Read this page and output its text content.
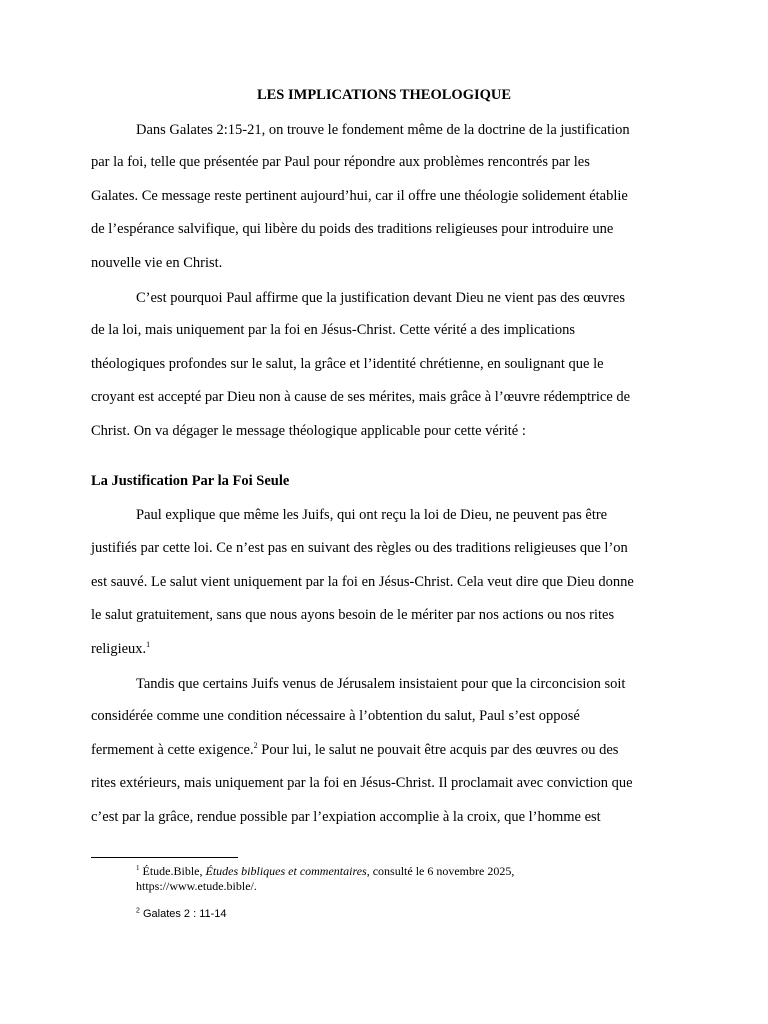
LES IMPLICATIONS THEOLOGIQUE

Dans Galates 2:15-21, on trouve le fondement même de la doctrine de la justification

par la foi, telle que présentée par Paul pour répondre aux problèmes rencontrés par les

Galates. Ce message reste pertinent aujourd’hui, car il offre une théologie solidement établie

de l’espérance salvifique, qui libère du poids des traditions religieuses pour introduire une

nouvelle vie en Christ.

C’est pourquoi Paul affirme que la justification devant Dieu ne vient pas des œuvres

de la loi, mais uniquement par la foi en Jésus-Christ. Cette vérité a des implications

théologiques profondes sur le salut, la grâce et l’identité chrétienne, en soulignant que le

croyant est accepté par Dieu non à cause de ses mérites, mais grâce à l’œuvre rédemptrice de

Christ. On va dégager le message théologique applicable pour cette vérité :

La Justification Par la Foi Seule

Paul explique que même les Juifs, qui ont reçu la loi de Dieu, ne peuvent pas être

justifiés par cette loi. Ce n’est pas en suivant des règles ou des traditions religieuses que l’on

est sauvé. Le salut vient uniquement par la foi en Jésus-Christ. Cela veut dire que Dieu donne

le salut gratuitement, sans que nous ayons besoin de le mériter par nos actions ou nos rites

religieux.$^1$

Tandis que certains Juifs venus de Jérusalem insistaient pour que la circoncision soit

considérée comme une condition nécessaire à l’obtention du salut, Paul s’est opposé

fermement à cette exigence.$^2$ Pour lui, le salut ne pouvait être acquis par des œuvres ou des

rites extérieurs, mais uniquement par la foi en Jésus-Christ. Il proclamait avec conviction que

c’est par la grâce, rendue possible par l’expiation accomplie à la croix, que l’homme est

$^1$ Étude.Bible, Études bibliques et commentaires, consulté le 6 novembre 2025,
https://www.etude.bible/.
$^2$ Galates 2 : 11-14
